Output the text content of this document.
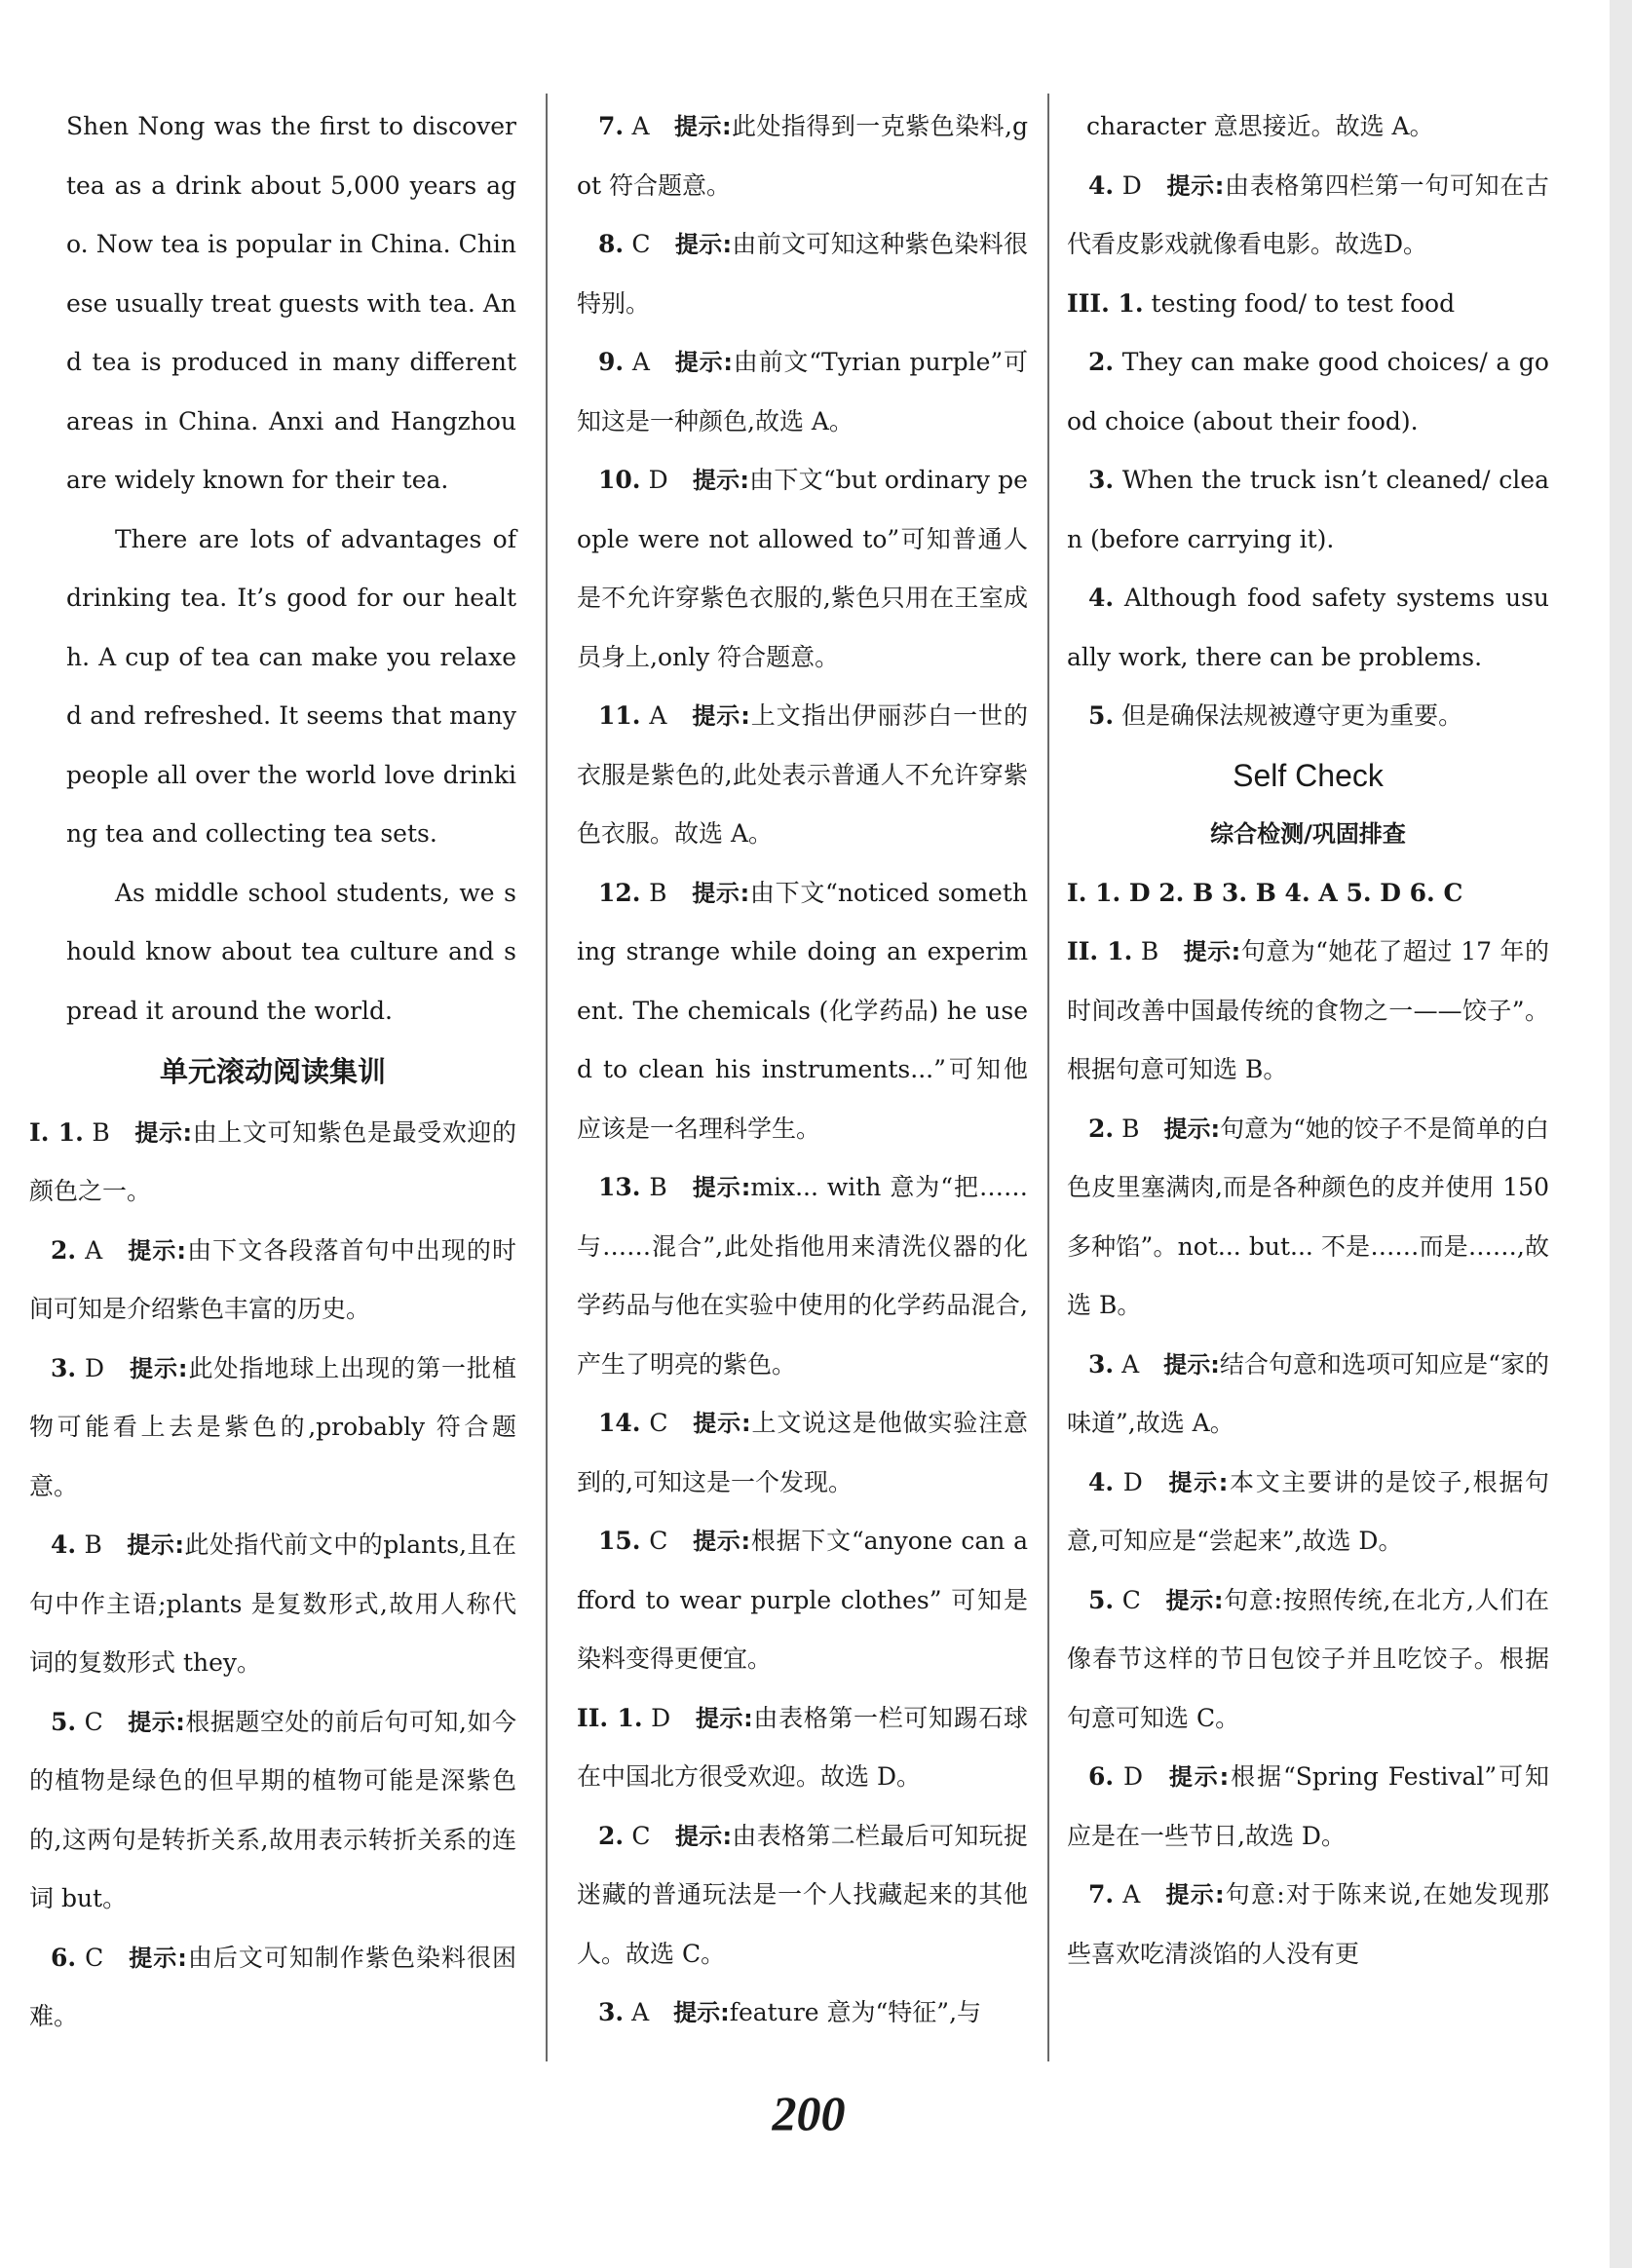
Shen Nong was the first to discover tea as a drink about 5,000 years ago. Now tea is popular in China. Chinese usually treat guests with tea. And tea is produced in many different areas in China. Anxi and Hangzhou are widely known for their tea.

There are lots of advantages of drinking tea. It’s good for our health. A cup of tea can make you relaxed and refreshed. It seems that many people all over the world love drinking tea and collecting tea sets.

As middle school students, we should know about tea culture and spread it around the world.

单元滚动阅读集训

I. 1. B  提示:由上文可知紫色是最受欢迎的颜色之一。

2. A  提示:由下文各段落首句中出现的时间可知是介绍紫色丰富的历史。

3. D  提示:此处指地球上出现的第一批植物可能看上去是紫色的,probably 符合题意。

4. B  提示:此处指代前文中的plants,且在句中作主语;plants 是复数形式,故用人称代词的复数形式 they。

5. C  提示:根据题空处的前后句可知,如今的植物是绿色的但早期的植物可能是深紫色的,这两句是转折关系,故用表示转折关系的连词 but。

6. C  提示:由后文可知制作紫色染料很困难。

7. A  提示:此处指得到一克紫色染料,got 符合题意。

8. C  提示:由前文可知这种紫色染料很特别。

9. A  提示:由前文“Tyrian purple”可知这是一种颜色,故选 A。

10. D  提示:由下文“but ordinary people were not allowed to”可知普通人是不允许穿紫色衣服的,紫色只用在王室成员身上,only 符合题意。

11. A  提示:上文指出伊丽莎白一世的衣服是紫色的,此处表示普通人不允许穿紫色衣服。故选 A。

12. B  提示:由下文“noticed something strange while doing an experiment. The chemicals (化学药品) he used to clean his instruments...”可知他应该是一名理科学生。

13. B  提示:mix... with 意为“把……与……混合”,此处指他用来清洗仪器的化学药品与他在实验中使用的化学药品混合,产生了明亮的紫色。

14. C  提示:上文说这是他做实验注意到的,可知这是一个发现。

15. C  提示:根据下文“anyone can afford to wear purple clothes” 可知是染料变得更便宜。

II. 1. D  提示:由表格第一栏可知踢石球在中国北方很受欢迎。故选 D。

2. C  提示:由表格第二栏最后可知玩捉迷藏的普通玩法是一个人找藏起来的其他人。故选 C。

3. A  提示:feature 意为“特征”,与

character 意思接近。故选 A。

4. D  提示:由表格第四栏第一句可知在古代看皮影戏就像看电影。故选D。

III. 1. testing food/ to test food

2. They can make good choices/ a good choice (about their food).

3. When the truck isn’t cleaned/ clean (before carrying it).

4. Although food safety systems usually work, there can be problems.

5. 但是确保法规被遵守更为重要。

Self Check
综合检测/巩固排查

I. 1. D 2. B 3. B 4. A 5. D 6. C

II. 1. B  提示:句意为“她花了超过 17 年的时间改善中国最传统的食物之一——饺子”。根据句意可知选 B。

2. B  提示:句意为“她的饺子不是简单的白色皮里塞满肉,而是各种颜色的皮并使用 150 多种馅”。not... but... 不是……而是……,故选 B。

3. A  提示:结合句意和选项可知应是“家的味道”,故选 A。

4. D  提示:本文主要讲的是饺子,根据句意,可知应是“尝起来”,故选 D。

5. C  提示:句意:按照传统,在北方,人们在像春节这样的节日包饺子并且吃饺子。根据句意可知选 C。

6. D  提示:根据“Spring Festival”可知应是在一些节日,故选 D。

7. A  提示:句意:对于陈来说,在她发现那些喜欢吃清淡馅的人没有更

200
